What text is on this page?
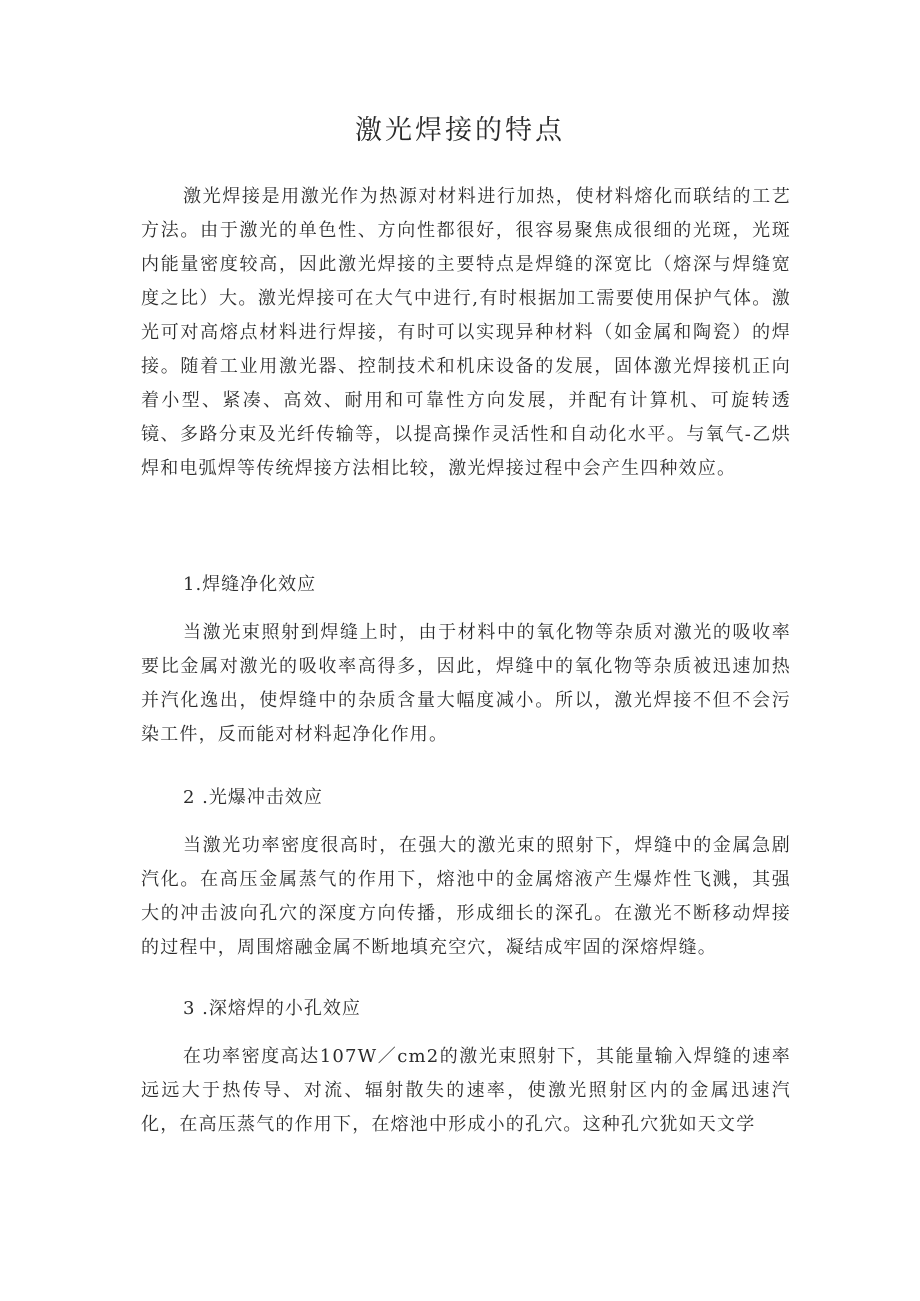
激光焊接的特点

激光焊接是用激光作为热源对材料进行加热，使材料熔化而联结的工艺方法。由于激光的单色性、方向性都很好，很容易聚焦成很细的光斑，光斑内能量密度较高，因此激光焊接的主要特点是焊缝的深宽比（熔深与焊缝宽度之比）大。激光焊接可在大气中进行,有时根据加工需要使用保护气体。激光可对高熔点材料进行焊接，有时可以实现异种材料（如金属和陶瓷）的焊接。随着工业用激光器、控制技术和机床设备的发展，固体激光焊接机正向着小型、紧凑、高效、耐用和可靠性方向发展，并配有计算机、可旋转透镜、多路分束及光纤传输等，以提高操作灵活性和自动化水平。与氧气-乙烘焊和电弧焊等传统焊接方法相比较，激光焊接过程中会产生四种效应。

1.焊缝净化效应

当激光束照射到焊缝上时，由于材料中的氧化物等杂质对激光的吸收率要比金属对激光的吸收率高得多，因此，焊缝中的氧化物等杂质被迅速加热并汽化逸出，使焊缝中的杂质含量大幅度减小。所以，激光焊接不但不会污染工件，反而能对材料起净化作用。

2 .光爆冲击效应

当激光功率密度很高时，在强大的激光束的照射下，焊缝中的金属急剧汽化。在高压金属蒸气的作用下，熔池中的金属熔液产生爆炸性飞溅，其强大的冲击波向孔穴的深度方向传播，形成细长的深孔。在激光不断移动焊接的过程中，周围熔融金属不断地填充空穴，凝结成牢固的深熔焊缝。

3 .深熔焊的小孔效应

在功率密度高达107W／cm2的激光束照射下，其能量输入焊缝的速率远远大于热传导、对流、辐射散失的速率，使激光照射区内的金属迅速汽化，在高压蒸气的作用下，在熔池中形成小的孔穴。这种孔穴犹如天文学
